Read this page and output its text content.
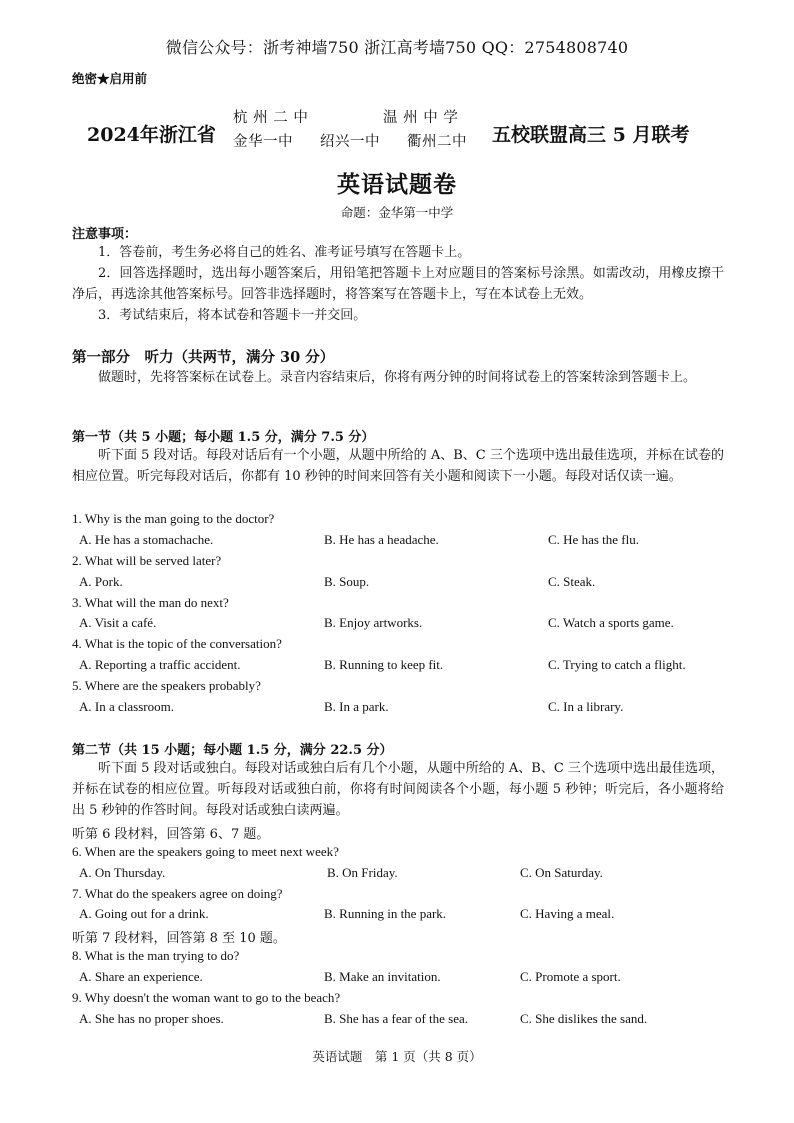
微信公众号：浙考神墙750 浙江高考墙750 QQ：2754808740
绝密★启用前
2024年浙江省
杭 州 二 中	温 州 中 学
金华一中 绍兴一中 衢州二中 五校联盟高三 5 月联考
英语试题卷
命题：金华第一中学
注意事项：
1．答卷前，考生务必将自己的姓名、准考证号填写在答题卡上。
2．回答选择题时，选出每小题答案后，用铅笔把答题卡上对应题目的答案标号涂黑。如需改动，用橡皮擦干净后，再选涂其他答案标号。回答非选择题时，将答案写在答题卡上，写在本试卷上无效。
3．考试结束后，将本试卷和答题卡一并交回。
第一部分　听力（共两节，满分 30 分）
做题时，先将答案标在试卷上。录音内容结束后，你将有两分钟的时间将试卷上的答案转涂到答题卡上。
第一节（共 5 小题；每小题 1.5 分，满分 7.5 分）
听下面 5 段对话。每段对话后有一个小题，从题中所给的 A、B、C 三个选项中选出最佳选项，并标在试卷的相应位置。听完每段对话后，你都有 10 秒钟的时间来回答有关小题和阅读下一小题。每段对话仅读一遍。
1. Why is the man going to the doctor?
A. He has a stomachache.	B. He has a headache.	C. He has the flu.
2. What will be served later?
A. Pork.	B. Soup.	C. Steak.
3. What will the man do next?
A. Visit a café.	B. Enjoy artworks.	C. Watch a sports game.
4. What is the topic of the conversation?
A. Reporting a traffic accident.	B. Running to keep fit.	C. Trying to catch a flight.
5. Where are the speakers probably?
A. In a classroom.	B. In a park.	C. In a library.
第二节（共 15 小题；每小题 1.5 分，满分 22.5 分）
听下面 5 段对话或独白。每段对话或独白后有几个小题，从题中所给的 A、B、C 三个选项中选出最佳选项，并标在试卷的相应位置。听每段对话或独白前，你将有时间阅读各个小题，每小题 5 秒钟；听完后，各小题将给出 5 秒钟的作答时间。每段对话或独白读两遍。
听第 6 段材料，回答第 6、7 题。
6. When are the speakers going to meet next week?
A. On Thursday.	B. On Friday.	C. On Saturday.
7. What do the speakers agree on doing?
A. Going out for a drink.	B. Running in the park.	C. Having a meal.
听第 7 段材料，回答第 8 至 10 题。
8. What is the man trying to do?
A. Share an experience.	B. Make an invitation.	C. Promote a sport.
9. Why doesn't the woman want to go to the beach?
A. She has no proper shoes.	B. She has a fear of the sea.	C. She dislikes the sand.
英语试题　第 1 页（共 8 页）
